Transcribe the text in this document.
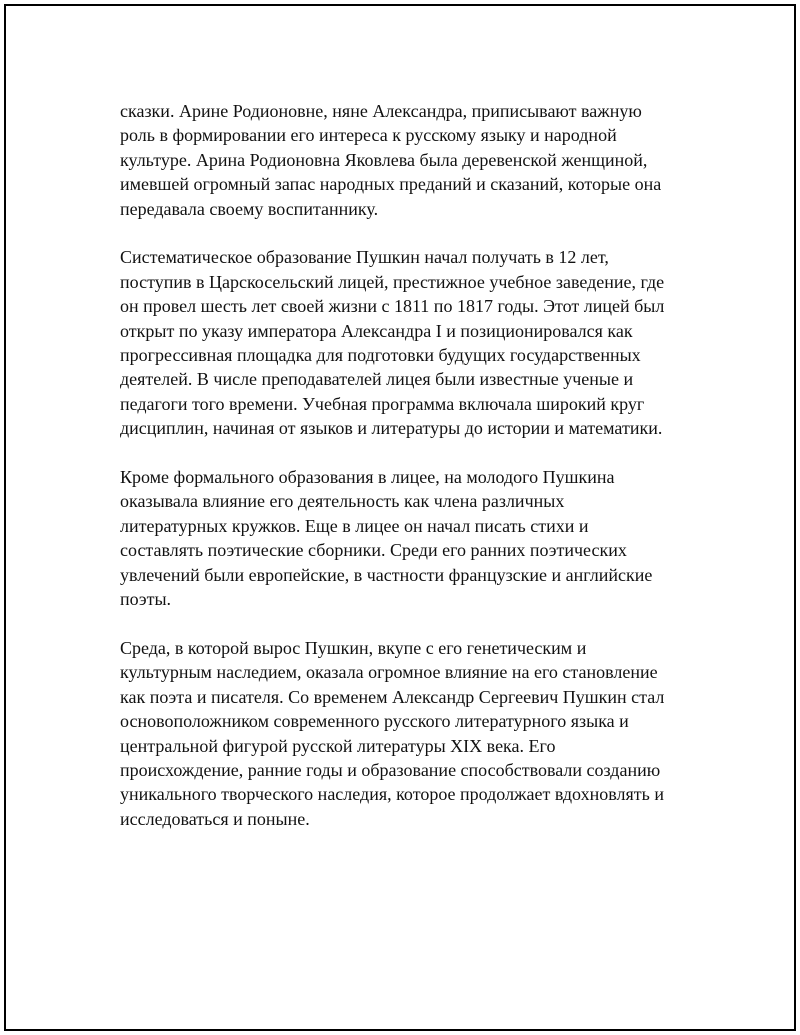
сказки. Арине Родионовне, няне Александра, приписывают важную
роль в формировании его интереса к русскому языку и народной
культуре. Арина Родионовна Яковлева была деревенской женщиной,
имевшей огромный запас народных преданий и сказаний, которые она
передавала своему воспитаннику.

Систематическое образование Пушкин начал получать в 12 лет,
поступив в Царскосельский лицей, престижное учебное заведение, где
он провел шесть лет своей жизни с 1811 по 1817 годы. Этот лицей был
открыт по указу императора Александра I и позиционировался как
прогрессивная площадка для подготовки будущих государственных
деятелей. В числе преподавателей лицея были известные ученые и
педагоги того времени. Учебная программа включала широкий круг
дисциплин, начиная от языков и литературы до истории и математики.

Кроме формального образования в лицее, на молодого Пушкина
оказывала влияние его деятельность как члена различных
литературных кружков. Еще в лицее он начал писать стихи и
составлять поэтические сборники. Среди его ранних поэтических
увлечений были европейские, в частности французские и английские
поэты.

Среда, в которой вырос Пушкин, вкупе с его генетическим и
культурным наследием, оказала огромное влияние на его становление
как поэта и писателя. Со временем Александр Сергеевич Пушкин стал
основоположником современного русского литературного языка и
центральной фигурой русской литературы XIX века. Его
происхождение, ранние годы и образование способствовали созданию
уникального творческого наследия, которое продолжает вдохновлять и
исследоваться и поныне.
